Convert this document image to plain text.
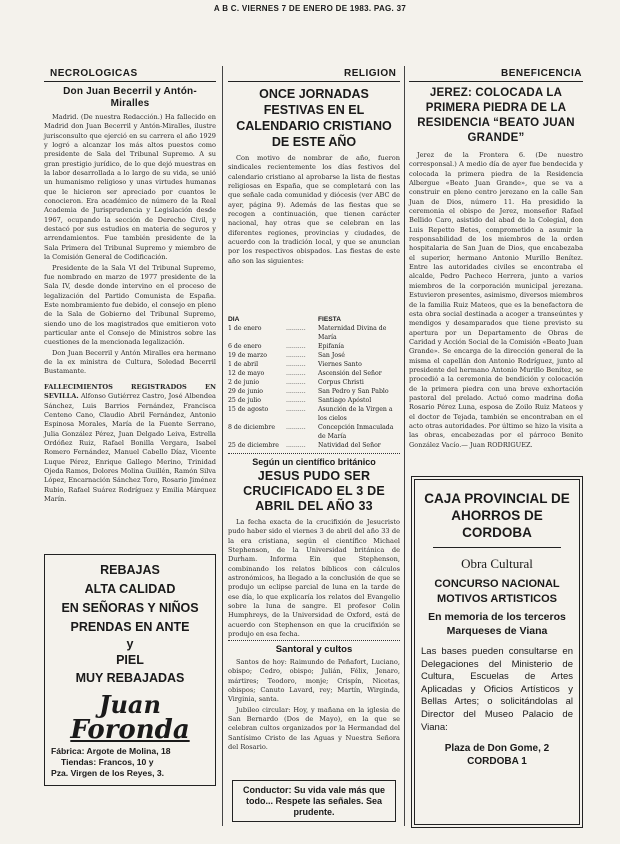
A B C. VIERNES 7 DE ENERO DE 1983. PAG. 37
NECROLOGICAS	RELIGION	BENEFICENCIA
Don Juan Becerril y Antón-Miralles

Madrid. (De nuestra Redacción.) Ha fallecido en Madrid don Juan Becerril y Antón-Miralles, ilustre jurisconsulto que ejerció en su carrera el año 1929 y logró a alcanzar los más altos puestos como presidente de Sala del Tribunal Supremo. A su gran prestigio jurídico, de lo que dejó muestras en la labor desarrollada a lo largo de su vida, se unió un humanismo religioso y unas virtudes humanas que le hicieron ser apreciado por cuantos le conocieron. Era académico de número de la Real Academia de Jurisprudencia y Legislación desde 1967, ocupando la sección de Derecho Civil, y destacó por sus estudios en materia de seguros y arrendamientos. Fue también presidente de la Sala Primera del Tribunal Supremo y miembro de la Comisión General de Codificación.

Presidente de la Sala VI del Tribunal Supremo, fue nombrado en marzo de 1977 presidente de la Sala IV, desde donde intervino en el proceso de legalización del Partido Comunista de España. Este nombramiento fue debido, el consejo en pleno de la Sala de Gobierno del Tribunal Supremo, siendo uno de los magistrados que emitieron voto particular ante el Consejo de Ministros sobre las cuestiones de la mencionada legalización.

Don Juan Becerril y Antón Miralles era hermano de la ex ministra de Cultura, Soledad Becerril Bustamante.

FALLECIMIENTOS REGISTRADOS EN SEVILLA. Alfonso Gutiérrez Castro, José Albendea Sánchez, Luis Barrios Fernández, Francisca Centeno Cano, Claudio Abril Fernández, Antonio Espinosa Morales, María de la Fuente Serrano, Julia González Pérez, Juan Delgado Leiva, Estrella Ordóñez Ruiz, Rafael Bonilla Vergara, Isabel Romero Fernández, Manuel Cabello Díaz, Vicente Luque Pérez, Enrique Gallego Merino, Trinidad Ojeda Ramos, Dolores Molina Guillén, Ramón Silva López, Encarnación Sánchez Toro, Rosario Jiménez Rubio, Rafael Suárez Rodríguez y Emilia Márquez Marín.
REBAJAS
ALTA CALIDAD
EN SEÑORAS Y NIÑOS
PRENDAS EN ANTE
y
PIEL
MUY REBAJADAS
Juan
Foronda
Fábrica: Argote de Molina, 18
Tiendas: Francos, 10 y
Pza. Virgen de los Reyes, 3.
ONCE JORNADAS FESTIVAS EN EL CALENDARIO CRISTIANO DE ESTE AÑO

Con motivo de nombrar de año, fueron sindicales recientemente los días festivos del calendario cristiano al aprobarse la lista de fiestas religiosas en España, que se completará con las que señale cada comunidad y diócesis (ver ABC de ayer, página 9). Además de las fiestas que se recogen a continuación, que tienen carácter nacional, hay otras que se celebran en las diferentes regiones, provincias y ciudades, de acuerdo con la tradición local, y que se anuncian por los respectivos obispados. Las fiestas de este año son las siguientes:

DIA	FIESTA
1 de enero	..........	Maternidad Divina de María
6 de enero	..........	Epifanía
19 de marzo	..........	San José
1 de abril	..........	Viernes Santo
12 de mayo	..........	Ascensión del Señor
2 de junio	..........	Corpus Christi
29 de junio	..........	San Pedro y San Pablo
25 de julio	..........	Santiago Apóstol
15 de agosto	..........	Asunción de la Virgen a los cielos
8 de diciembre	..........	Concepción Inmaculada de María
25 de diciembre	..........	Natividad del Señor
Según un científico británico
JESUS PUDO SER CRUCIFICADO EL 3 DE ABRIL DEL AÑO 33

La fecha exacta de la crucifixión de Jesucristo pudo haber sido el viernes 3 de abril del año 33 de la era cristiana, según el científico Michael Stephenson, de la Universidad británica de Durham. Informa Ein que Stephenson, combinando los relatos bíblicos con cálculos astronómicos, ha llegado a la conclusión de que se produjo un eclipse parcial de luna en la tarde de ese día, lo que explicaría los relatos del Evangelio sobre la luna de sangre. El profesor Colin Humphreys, de la Universidad de Oxford, está de acuerdo con Stephenson en que la crucifixión se produjo en esa fecha.

Santoral y cultos

Santos de hoy: Raimundo de Peñafort, Luciano, obispo; Cedro, obispo; Julián, Félix, Jenaro, mártires; Teodoro, monje; Crispín, Nicetas, obispos; Canuto Lavard, rey; Martín, Wirginda, Virginia, santa.

Jubileo circular: Hoy, y mañana en la iglesia de San Bernardo (Dos de Mayo), en la que se celebran cultos organizados por la Hermandad del Santísimo Cristo de las Aguas y Nuestra Señora del Rosario.

Conductor: Su vida vale más que todo... Respete las señales. Sea prudente.
JEREZ: COLOCADA LA PRIMERA PIEDRA DE LA RESIDENCIA “BEATO JUAN GRANDE”

Jerez de la Frontera 6. (De nuestro corresponsal.) A medio día de ayer fue bendecida y colocada la primera piedra de la Residencia Albergue «Beato Juan Grande», que se va a construir en pleno centro jerezano en la calle San Juan de Dios, número 11. Ha presidido la ceremonia el obispo de Jerez, monseñor Rafael Bellido Caro, asistido del abad de la Colegial, don Luis Repetto Betes, comprometido a asumir la responsabilidad de los miembros de la orden hospitalaria de San Juan de Dios, que encabezaba el superior, hermano Antonio Murillo Benítez. Entre las autoridades civiles se encontraba el alcalde, Pedro Pacheco Herrera, junto a varios miembros de la corporación municipal jerezana. Estuvieron presentes, asimismo, diversos miembros de la familia Ruiz Mateos, que es la benefactora de esta obra social destinada a acoger a transeúntes y mendigos y desamparados que tiene previsto su apertura por un Departamento de Obras de Caridad y Acción Social de la Comisión «Beato Juan Grande». Se encarga de la dirección general de la misma el capellán don Antonio Rodríguez, junto al presidente del hermano Antonio Murillo Benítez, se procedió a la ceremonia de bendición y colocación de la primera piedra con una breve exhortación pastoral del prelado. Actuó como madrina doña Rosario Pérez Luna, esposa de Zoilo Ruiz Mateos y el doctor de Tejada, también se encontraban en el acto otras autoridades. Por último se hizo la visita a las obras, encabezadas por el párroco Benito González Vacío.— Juan RODRIGUEZ.

CAJA PROVINCIAL DE
AHORROS DE CORDOBA
Obra Cultural
CONCURSO NACIONAL
MOTIVOS ARTISTICOS
En memoria de los terceros
Marqueses de Viana
Las bases pueden consultarse en Delegaciones del Ministerio de Cultura, Escuelas de Artes Aplicadas y Oficios Artísticos y Bellas Artes; o solicitándolas al Director del Museo Palacio de Viana:
Plaza de Don Gome, 2
CORDOBA 1
